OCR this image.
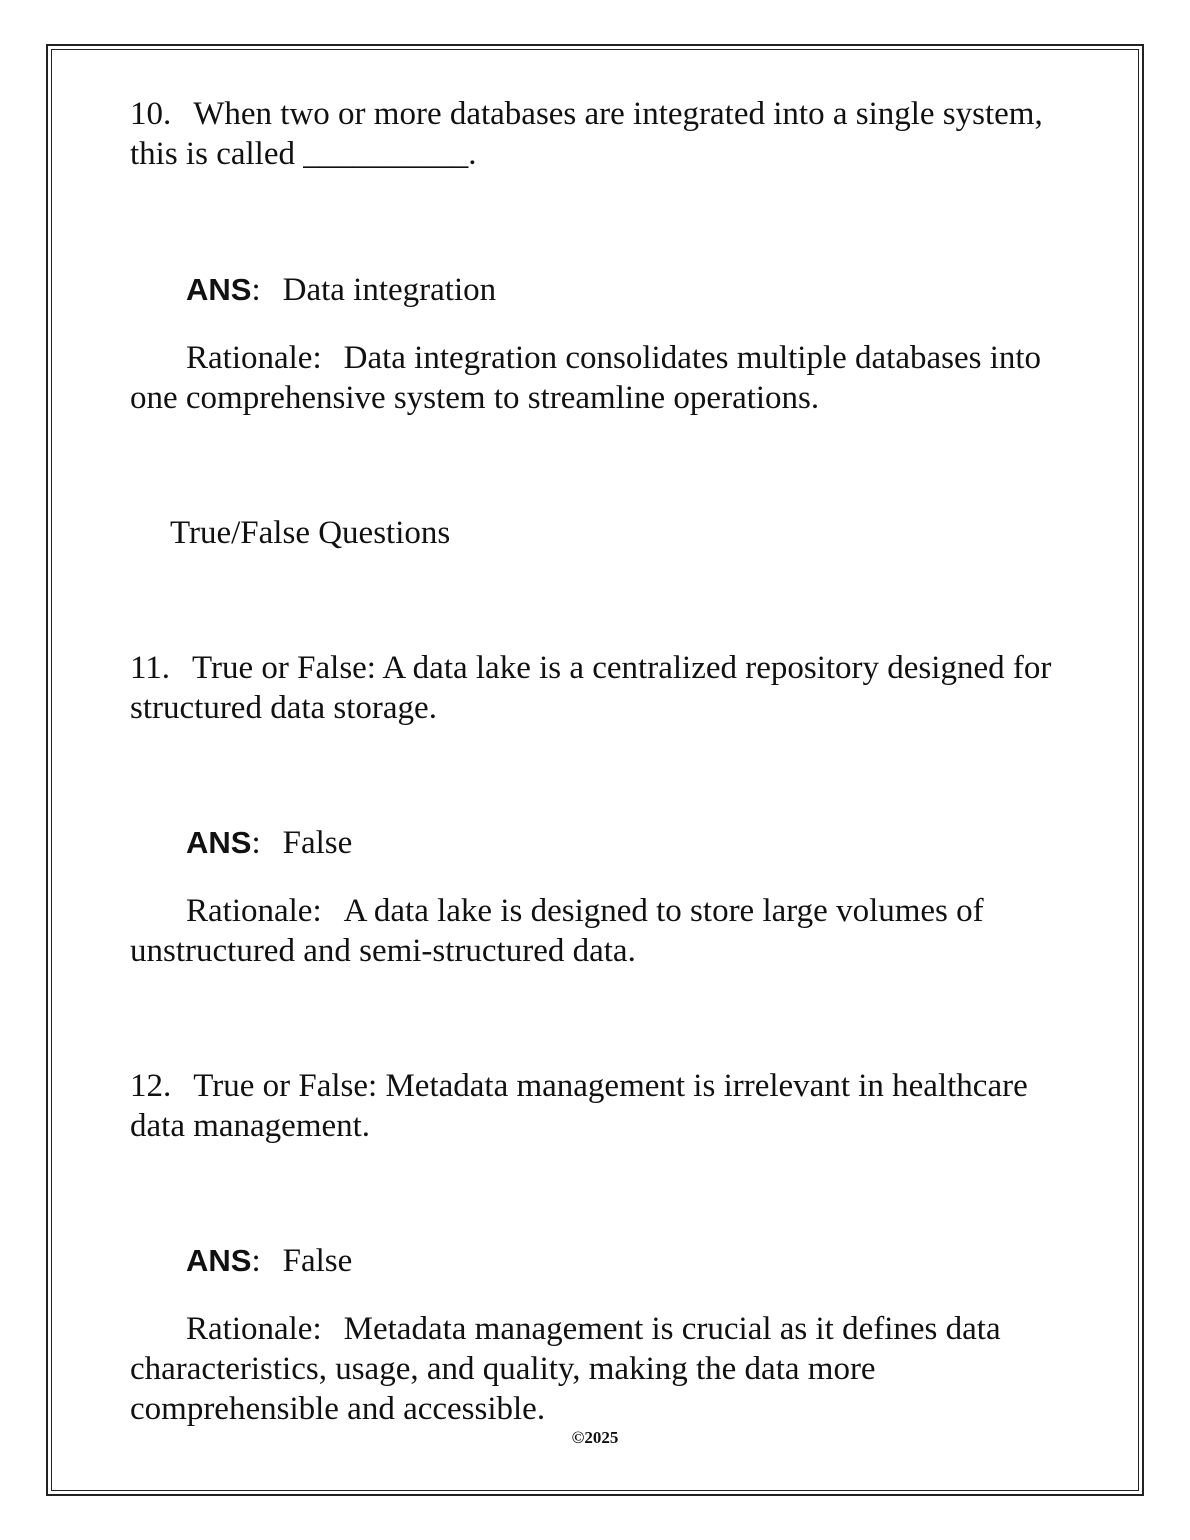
10. When two or more databases are integrated into a single system, this is called __________.
ANS: Data integration
Rationale: Data integration consolidates multiple databases into one comprehensive system to streamline operations.
True/False Questions
11. True or False: A data lake is a centralized repository designed for structured data storage.
ANS: False
Rationale: A data lake is designed to store large volumes of unstructured and semi-structured data.
12. True or False: Metadata management is irrelevant in healthcare data management.
ANS: False
Rationale: Metadata management is crucial as it defines data characteristics, usage, and quality, making the data more comprehensible and accessible.
©2025
